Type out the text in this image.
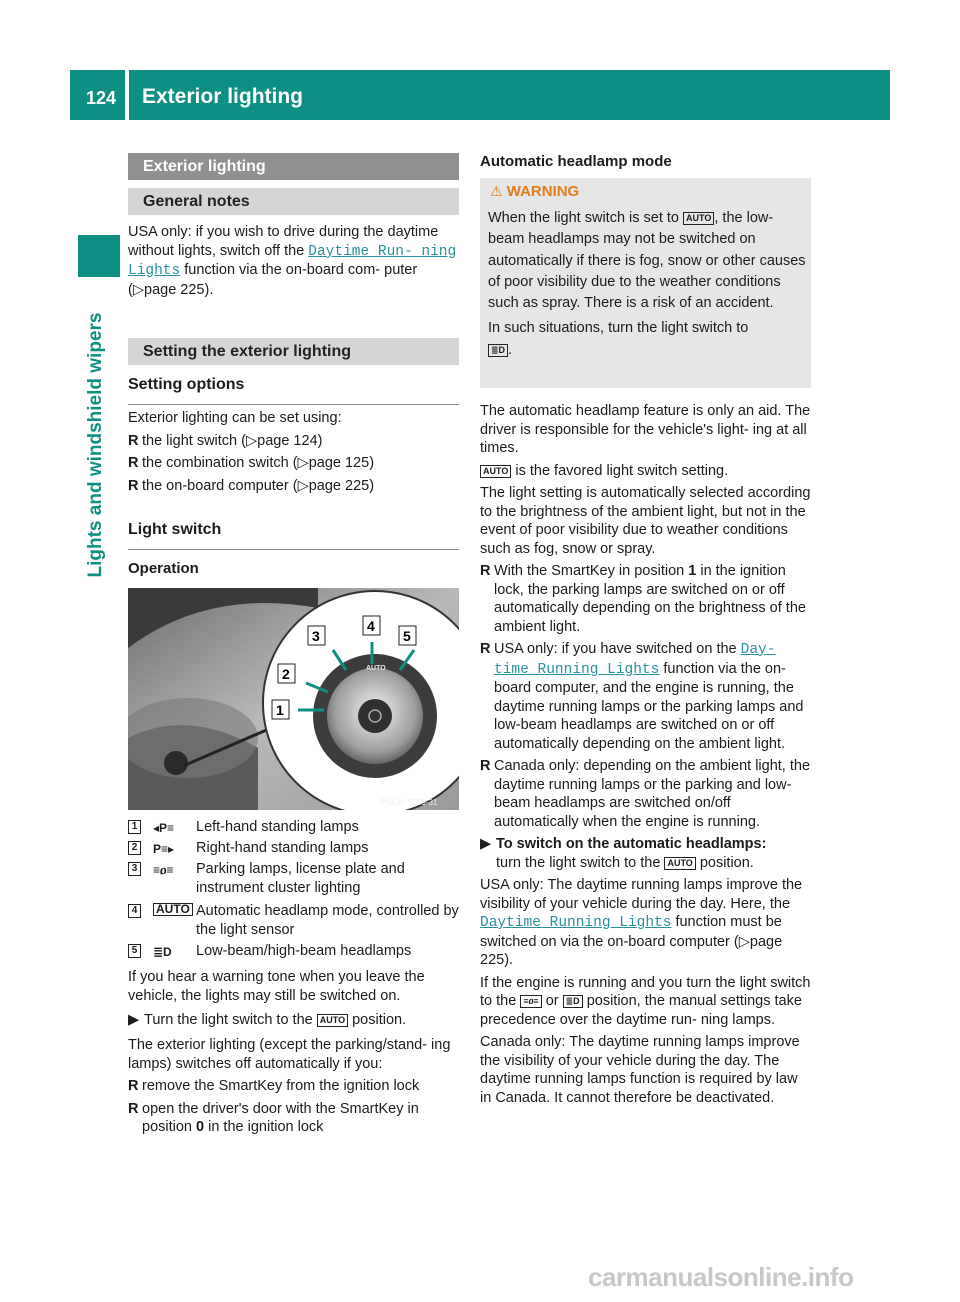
124 Exterior lighting
Lights and windshield wipers
Exterior lighting
General notes
USA only: if you wish to drive during the daytime without lights, switch off the Daytime Run‐ ning Lights function via the on-board com- puter (▷page 225).
Setting the exterior lighting
Setting options
Exterior lighting can be set using:
R the light switch (▷page 124)
R the combination switch (▷page 125)
R the on-board computer (▷page 225)
Light switch
Operation
AUTO
1
2
3
4
5
P54.25-9059-31
1	◂P≡ Left-hand standing lamps
2	P≡▸ Right-hand standing lamps
3	≡ዐ≡ Parking lamps, license plate and instrument cluster lighting
4	AUTO Automatic headlamp mode, controlled by the light sensor
5	≣D Low-beam/high-beam headlamps
If you hear a warning tone when you leave the vehicle, the lights may still be switched on.
▶ Turn the light switch to the AUTO position.
The exterior lighting (except the parking/stand- ing lamps) switches off automatically if you:
R remove the SmartKey from the ignition lock
R open the driver's door with the SmartKey in position 0 in the ignition lock
Automatic headlamp mode
⚠ WARNING
When the light switch is set to AUTO , the low- beam headlamps may not be switched on automatically if there is fog, snow or other causes of poor visibility due to the weather conditions such as spray. There is a risk of an accident.
In such situations, turn the light switch to
≣D .
The automatic headlamp feature is only an aid. The driver is responsible for the vehicle's light- ing at all times.
AUTO is the favored light switch setting.
The light setting is automatically selected according to the brightness of the ambient light, but not in the event of poor visibility due to weather conditions such as fog, snow or spray.
R With the SmartKey in position 1 in the ignition lock, the parking lamps are switched on or off automatically depending on the brightness of the ambient light.
R USA only: if you have switched on the Day‐ time Running Lights function via the on- board computer, and the engine is running, the daytime running lamps or the parking lamps and low-beam headlamps are switched on or off automatically depending on the ambient light.
R Canada only: depending on the ambient light, the daytime running lamps or the parking and low-beam headlamps are switched on/off automatically when the engine is running.
▶ To switch on the automatic headlamps:
turn the light switch to the AUTO position.
USA only: The daytime running lamps improve the visibility of your vehicle during the day. Here, the Daytime Running Lights function must be switched on via the on-board computer (▷page 225).
If the engine is running and you turn the light switch to the ≡ዐ≡ or ≣D position, the manual settings take precedence over the daytime run- ning lamps.
Canada only: The daytime running lamps improve the visibility of your vehicle during the day. The daytime running lamps function is required by law in Canada. It cannot therefore be deactivated.
carmanualsonline.info
